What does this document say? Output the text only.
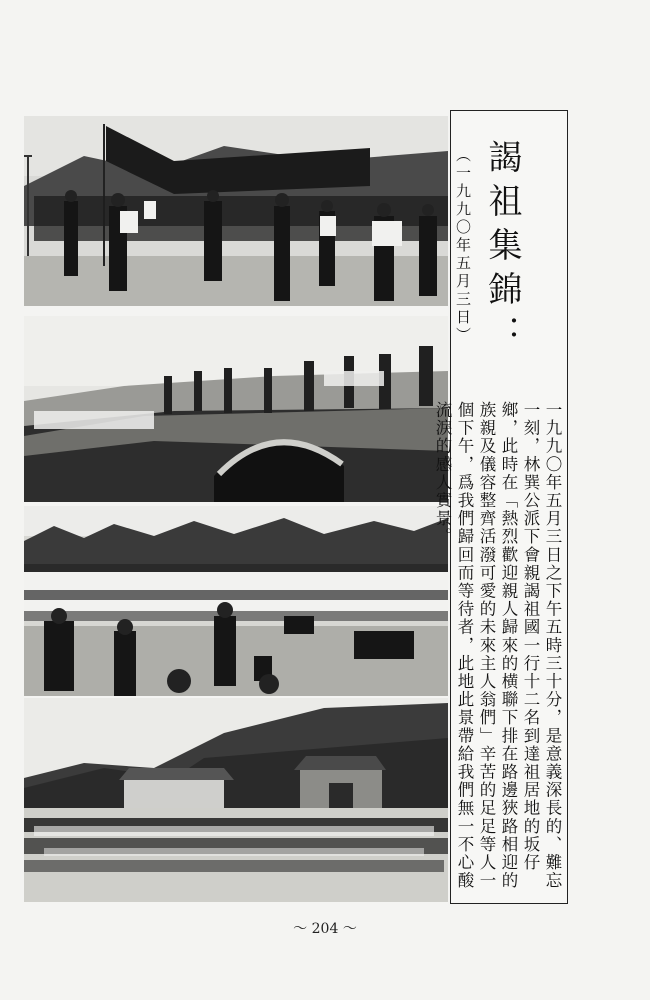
謁祖集錦：
（一九九〇年五月三日）
一九九〇年五月三日之下午五時三十分，是意義深長的、難忘一刻，林巽公派下會親謁祖國一行十二名到達祖居地的坂仔鄉，此時在「熱烈歡迎親人歸來的横聯下排在路邊狹路相迎的族親及儀容整齊活潑可愛的未來主人翁們」辛苦的足足等人一個下午，爲我們歸回而等待者，此地此景帶給我們無一不心酸流淚的感人實景。
～ 204 ～
